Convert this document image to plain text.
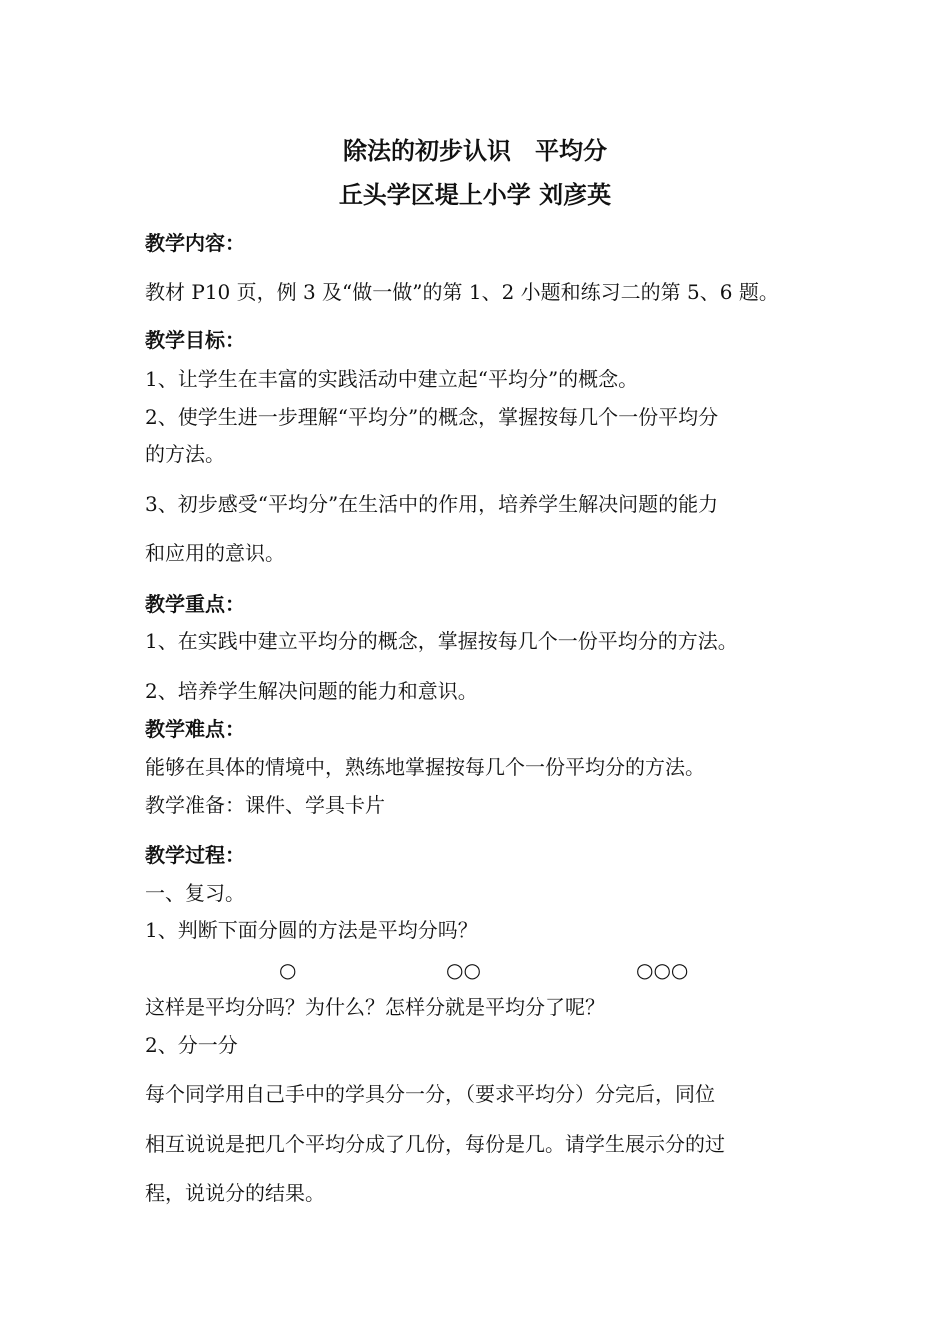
除法的初步认识　平均分
丘头学区堤上小学 刘彦英
教学内容：
教材 P10 页，例 3 及“做一做”的第 1、2 小题和练习二的第 5、6 题。
教学目标：
1、让学生在丰富的实践活动中建立起“平均分”的概念。
2、使学生进一步理解“平均分”的概念，掌握按每几个一份平均分
的方法。
3、初步感受“平均分”在生活中的作用，培养学生解决问题的能力
和应用的意识。
教学重点：
1、在实践中建立平均分的概念，掌握按每几个一份平均分的方法。
2、培养学生解决问题的能力和意识。
教学难点：
能够在具体的情境中，熟练地掌握按每几个一份平均分的方法。
教学准备：课件、学具卡片
教学过程：
一、复习。
1、判断下面分圆的方法是平均分吗？
○	○○	○○○
这样是平均分吗？为什么？怎样分就是平均分了呢？
2、分一分
每个同学用自己手中的学具分一分，（要求平均分）分完后，同位
相互说说是把几个平均分成了几份，每份是几。请学生展示分的过
程，说说分的结果。
